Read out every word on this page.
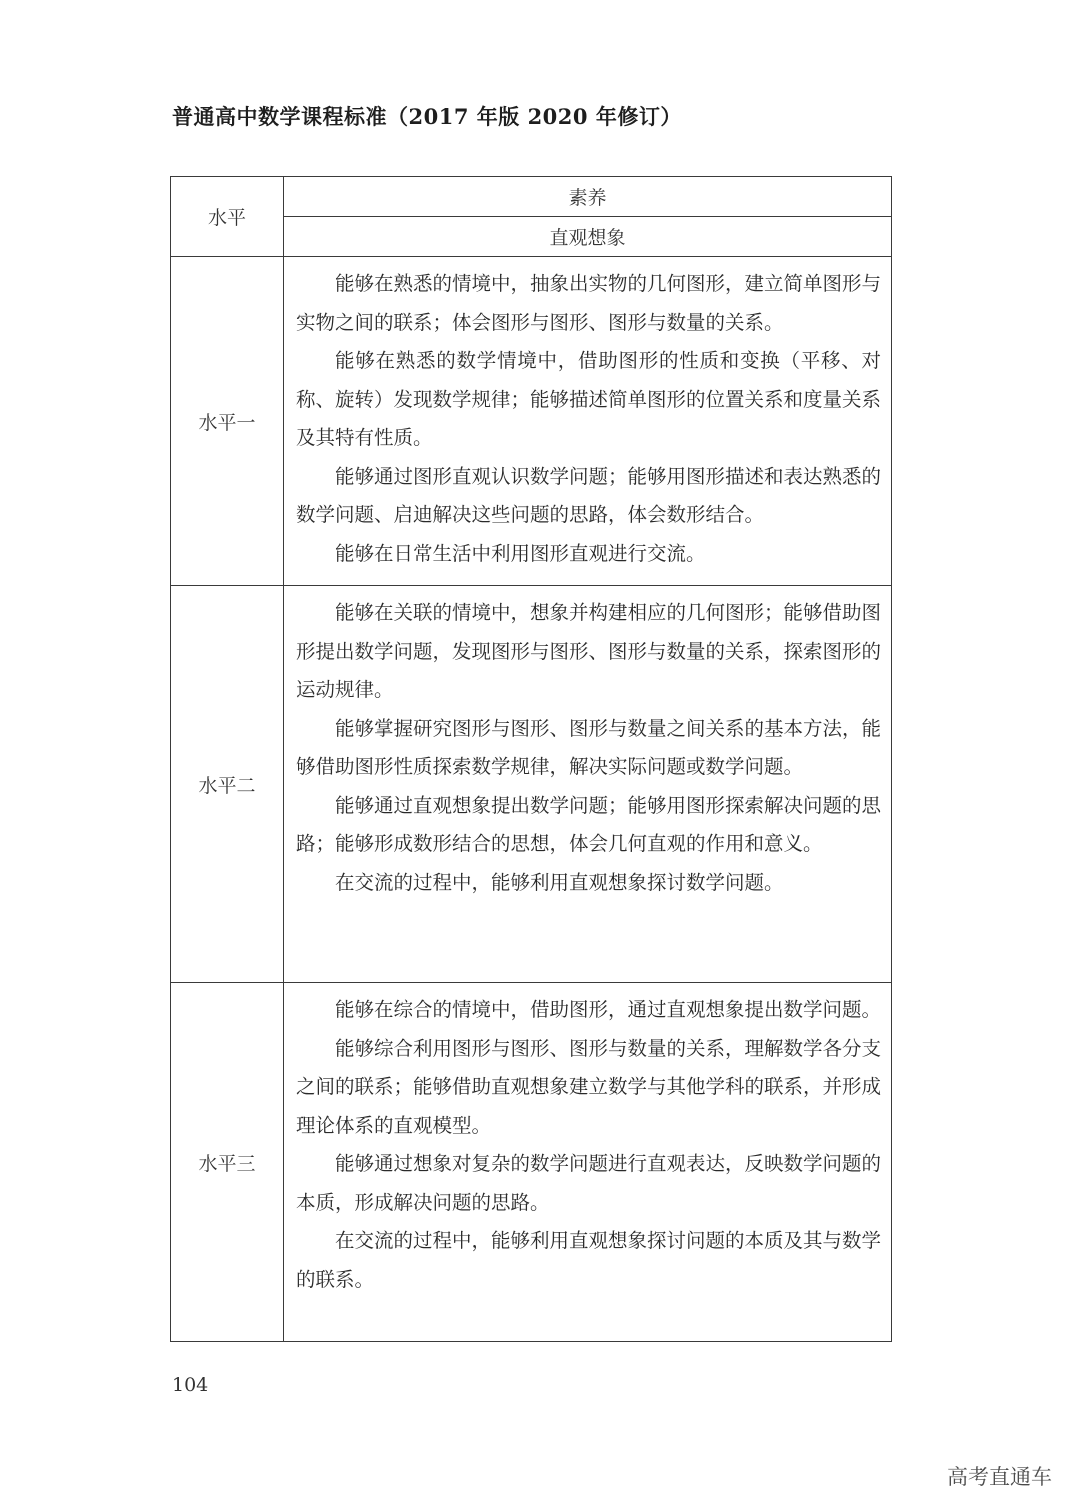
普通高中数学课程标准（2017 年版 2020 年修订）
水平	素养
	直观想象
水平一	能够在熟悉的情境中，抽象出实物的几何图形，建立简单图形与实物之间的联系；体会图形与图形、图形与数量的关系。

能够在熟悉的数学情境中，借助图形的性质和变换（平移、对称、旋转）发现数学规律；能够描述简单图形的位置关系和度量关系及其特有性质。

能够通过图形直观认识数学问题；能够用图形描述和表达熟悉的数学问题、启迪解决这些问题的思路，体会数形结合。

能够在日常生活中利用图形直观进行交流。

水平二	能够在关联的情境中，想象并构建相应的几何图形；能够借助图形提出数学问题，发现图形与图形、图形与数量的关系，探索图形的运动规律。

能够掌握研究图形与图形、图形与数量之间关系的基本方法，能够借助图形性质探索数学规律，解决实际问题或数学问题。

能够通过直观想象提出数学问题；能够用图形探索解决问题的思路；能够形成数形结合的思想，体会几何直观的作用和意义。

在交流的过程中，能够利用直观想象探讨数学问题。

水平三	能够在综合的情境中，借助图形，通过直观想象提出数学问题。

能够综合利用图形与图形、图形与数量的关系，理解数学各分支之间的联系；能够借助直观想象建立数学与其他学科的联系，并形成理论体系的直观模型。

能够通过想象对复杂的数学问题进行直观表达，反映数学问题的本质，形成解决问题的思路。

在交流的过程中，能够利用直观想象探讨问题的本质及其与数学的联系。

104
高考直通车
